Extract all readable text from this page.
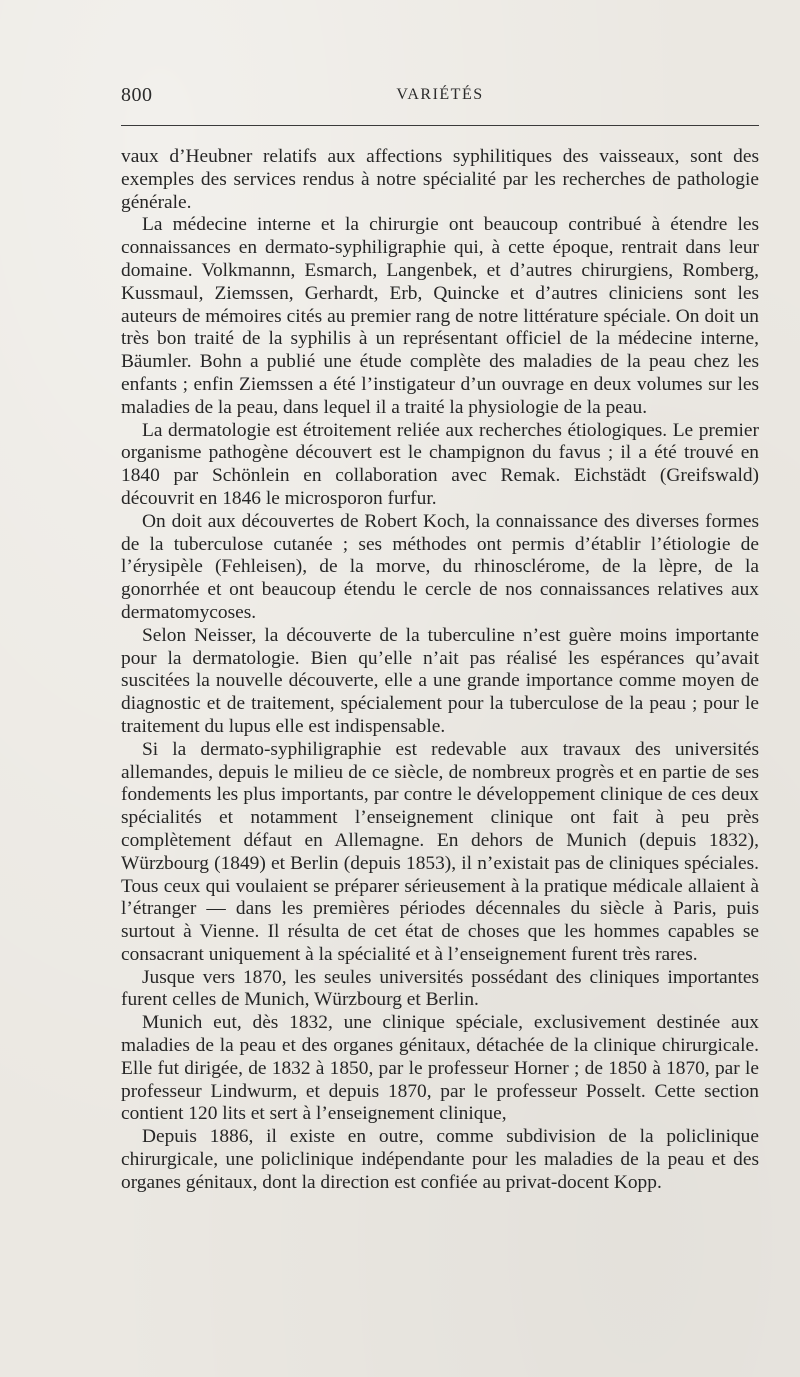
800	VARIÉTÉS

vaux d’Heubner relatifs aux affections syphilitiques des vaisseaux, sont des exemples des services rendus à notre spécialité par les recherches de pathologie générale.

La médecine interne et la chirurgie ont beaucoup contribué à étendre les connaissances en dermato-syphiligraphie qui, à cette époque, rentrait dans leur domaine. Volkmannn, Esmarch, Langenbek, et d’autres chirurgiens, Romberg, Kussmaul, Ziemssen, Gerhardt, Erb, Quincke et d’autres cliniciens sont les auteurs de mémoires cités au premier rang de notre littérature spéciale. On doit un très bon traité de la syphilis à un représentant officiel de la médecine interne, Bäumler. Bohn a publié une étude complète des maladies de la peau chez les enfants ; enfin Ziemssen a été l’instigateur d’un ouvrage en deux volumes sur les maladies de la peau, dans lequel il a traité la physiologie de la peau.

La dermatologie est étroitement reliée aux recherches étiologiques. Le premier organisme pathogène découvert est le champignon du favus ; il a été trouvé en 1840 par Schönlein en collaboration avec Remak. Eichstädt (Greifswald) découvrit en 1846 le microsporon furfur.

On doit aux découvertes de Robert Koch, la connaissance des diverses formes de la tuberculose cutanée ; ses méthodes ont permis d’établir l’étiologie de l’érysipèle (Fehleisen), de la morve, du rhinosclérome, de la lèpre, de la gonorrhée et ont beaucoup étendu le cercle de nos connaissances relatives aux dermatomycoses.

Selon Neisser, la découverte de la tuberculine n’est guère moins importante pour la dermatologie. Bien qu’elle n’ait pas réalisé les espérances qu’avait suscitées la nouvelle découverte, elle a une grande importance comme moyen de diagnostic et de traitement, spécialement pour la tuberculose de la peau ; pour le traitement du lupus elle est indispensable.

Si la dermato-syphiligraphie est redevable aux travaux des universités allemandes, depuis le milieu de ce siècle, de nombreux progrès et en partie de ses fondements les plus importants, par contre le développement clinique de ces deux spécialités et notamment l’enseignement clinique ont fait à peu près complètement défaut en Allemagne. En dehors de Munich (depuis 1832), Würzbourg (1849) et Berlin (depuis 1853), il n’existait pas de cliniques spéciales. Tous ceux qui voulaient se préparer sérieusement à la pratique médicale allaient à l’étranger — dans les premières périodes décennales du siècle à Paris, puis surtout à Vienne. Il résulta de cet état de choses que les hommes capables se consacrant uniquement à la spécialité et à l’enseignement furent très rares.

Jusque vers 1870, les seules universités possédant des cliniques importantes furent celles de Munich, Würzbourg et Berlin.

Munich eut, dès 1832, une clinique spéciale, exclusivement destinée aux maladies de la peau et des organes génitaux, détachée de la clinique chirurgicale. Elle fut dirigée, de 1832 à 1850, par le professeur Horner ; de 1850 à 1870, par le professeur Lindwurm, et depuis 1870, par le professeur Posselt. Cette section contient 120 lits et sert à l’enseignement clinique,

Depuis 1886, il existe en outre, comme subdivision de la policlinique chirurgicale, une policlinique indépendante pour les maladies de la peau et des organes génitaux, dont la direction est confiée au privat-docent Kopp.
